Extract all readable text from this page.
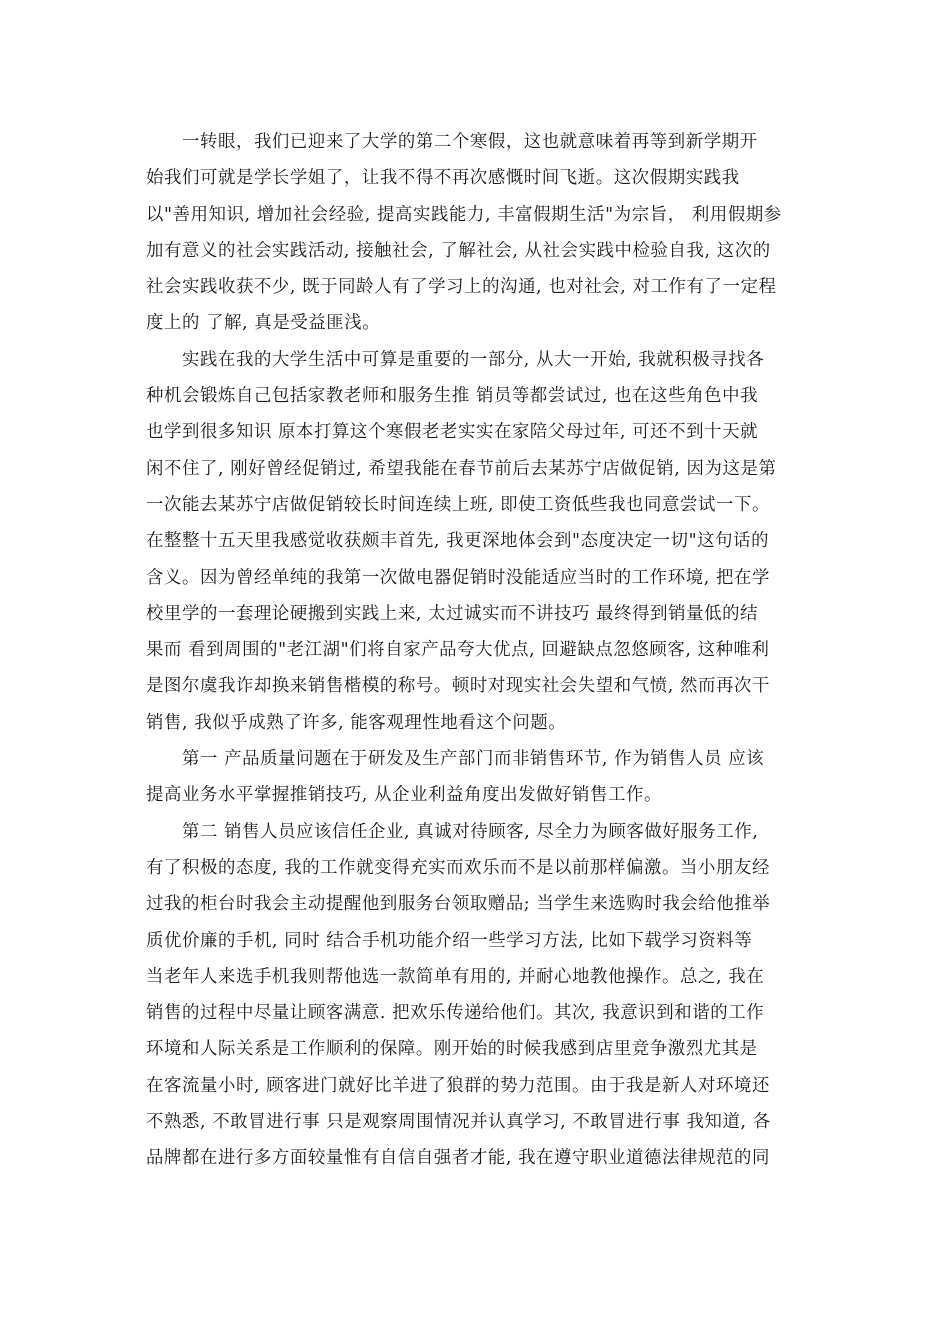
　　一转眼，我们已迎来了大学的第二个寒假，这也就意味着再等到新学期开
始我们可就是学长学姐了，让我不得不再次感慨时间飞逝。这次假期实践我
以"善用知识, 增加社会经验, 提高实践能力, 丰富假期生活"为宗旨， 利用假期参
加有意义的社会实践活动, 接触社会, 了解社会, 从社会实践中检验自我, 这次的
社会实践收获不少, 既于同龄人有了学习上的沟通, 也对社会, 对工作有了一定程
度上的 了解, 真是受益匪浅。
　　实践在我的大学生活中可算是重要的一部分, 从大一开始, 我就积极寻找各
种机会锻炼自己包括家教老师和服务生推 销员等都尝试过, 也在这些角色中我
也学到很多知识 原本打算这个寒假老老实实在家陪父母过年, 可还不到十天就
闲不住了, 刚好曾经促销过, 希望我能在春节前后去某苏宁店做促销, 因为这是第
一次能去某苏宁店做促销较长时间连续上班, 即使工资低些我也同意尝试一下。
在整整十五天里我感觉收获颇丰首先, 我更深地体会到"态度决定一切"这句话的
含义。因为曾经单纯的我第一次做电器促销时没能适应当时的工作环境, 把在学
校里学的一套理论硬搬到实践上来, 太过诚实而不讲技巧 最终得到销量低的结
果而 看到周围的"老江湖"们将自家产品夸大优点, 回避缺点忽悠顾客, 这种唯利
是图尔虞我诈却换来销售楷模的称号。顿时对现实社会失望和气愤, 然而再次干
销售, 我似乎成熟了许多, 能客观理性地看这个问题。
　　第一 产品质量问题在于研发及生产部门而非销售环节, 作为销售人员 应该
提高业务水平掌握推销技巧, 从企业利益角度出发做好销售工作。
　　第二 销售人员应该信任企业, 真诚对待顾客, 尽全力为顾客做好服务工作,
有了积极的态度, 我的工作就变得充实而欢乐而不是以前那样偏激。当小朋友经
过我的柜台时我会主动提醒他到服务台领取赠品; 当学生来选购时我会给他推举
质优价廉的手机, 同时 结合手机功能介绍一些学习方法, 比如下载学习资料等
当老年人来选手机我则帮他选一款简单有用的, 并耐心地教他操作。总之, 我在
销售的过程中尽量让顾客满意. 把欢乐传递给他们。其次, 我意识到和谐的工作
环境和人际关系是工作顺利的保障。刚开始的时候我感到店里竞争激烈尤其是
在客流量小时, 顾客进门就好比羊进了狼群的势力范围。由于我是新人对环境还
不熟悉, 不敢冒进行事 只是观察周围情况并认真学习, 不敢冒进行事 我知道, 各
品牌都在进行多方面较量惟有自信自强者才能, 我在遵守职业道德法律规范的同
